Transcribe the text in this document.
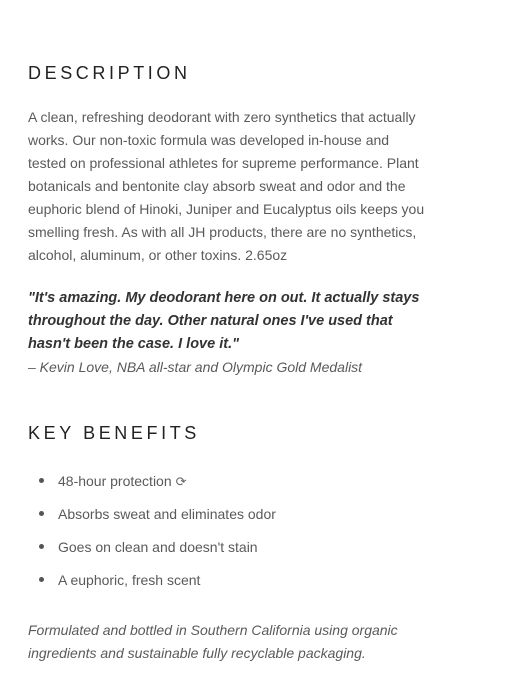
DESCRIPTION

A clean, refreshing deodorant with zero synthetics that actually works. Our non-toxic formula was developed in-house and tested on professional athletes for supreme performance. Plant botanicals and bentonite clay absorb sweat and odor and the euphoric blend of Hinoki, Juniper and Eucalyptus oils keeps you smelling fresh. As with all JH products, there are no synthetics, alcohol, aluminum, or other toxins. 2.65oz

"It's amazing. My deodorant here on out. It actually stays throughout the day. Other natural ones I've used that hasn't been the case. I love it."

– Kevin Love, NBA all-star and Olympic Gold Medalist

KEY BENEFITS
48-hour protection ⟳
Absorbs sweat and eliminates odor
Goes on clean and doesn't stain
A euphoric, fresh scent

Formulated and bottled in Southern California using organic ingredients and sustainable fully recyclable packaging.
